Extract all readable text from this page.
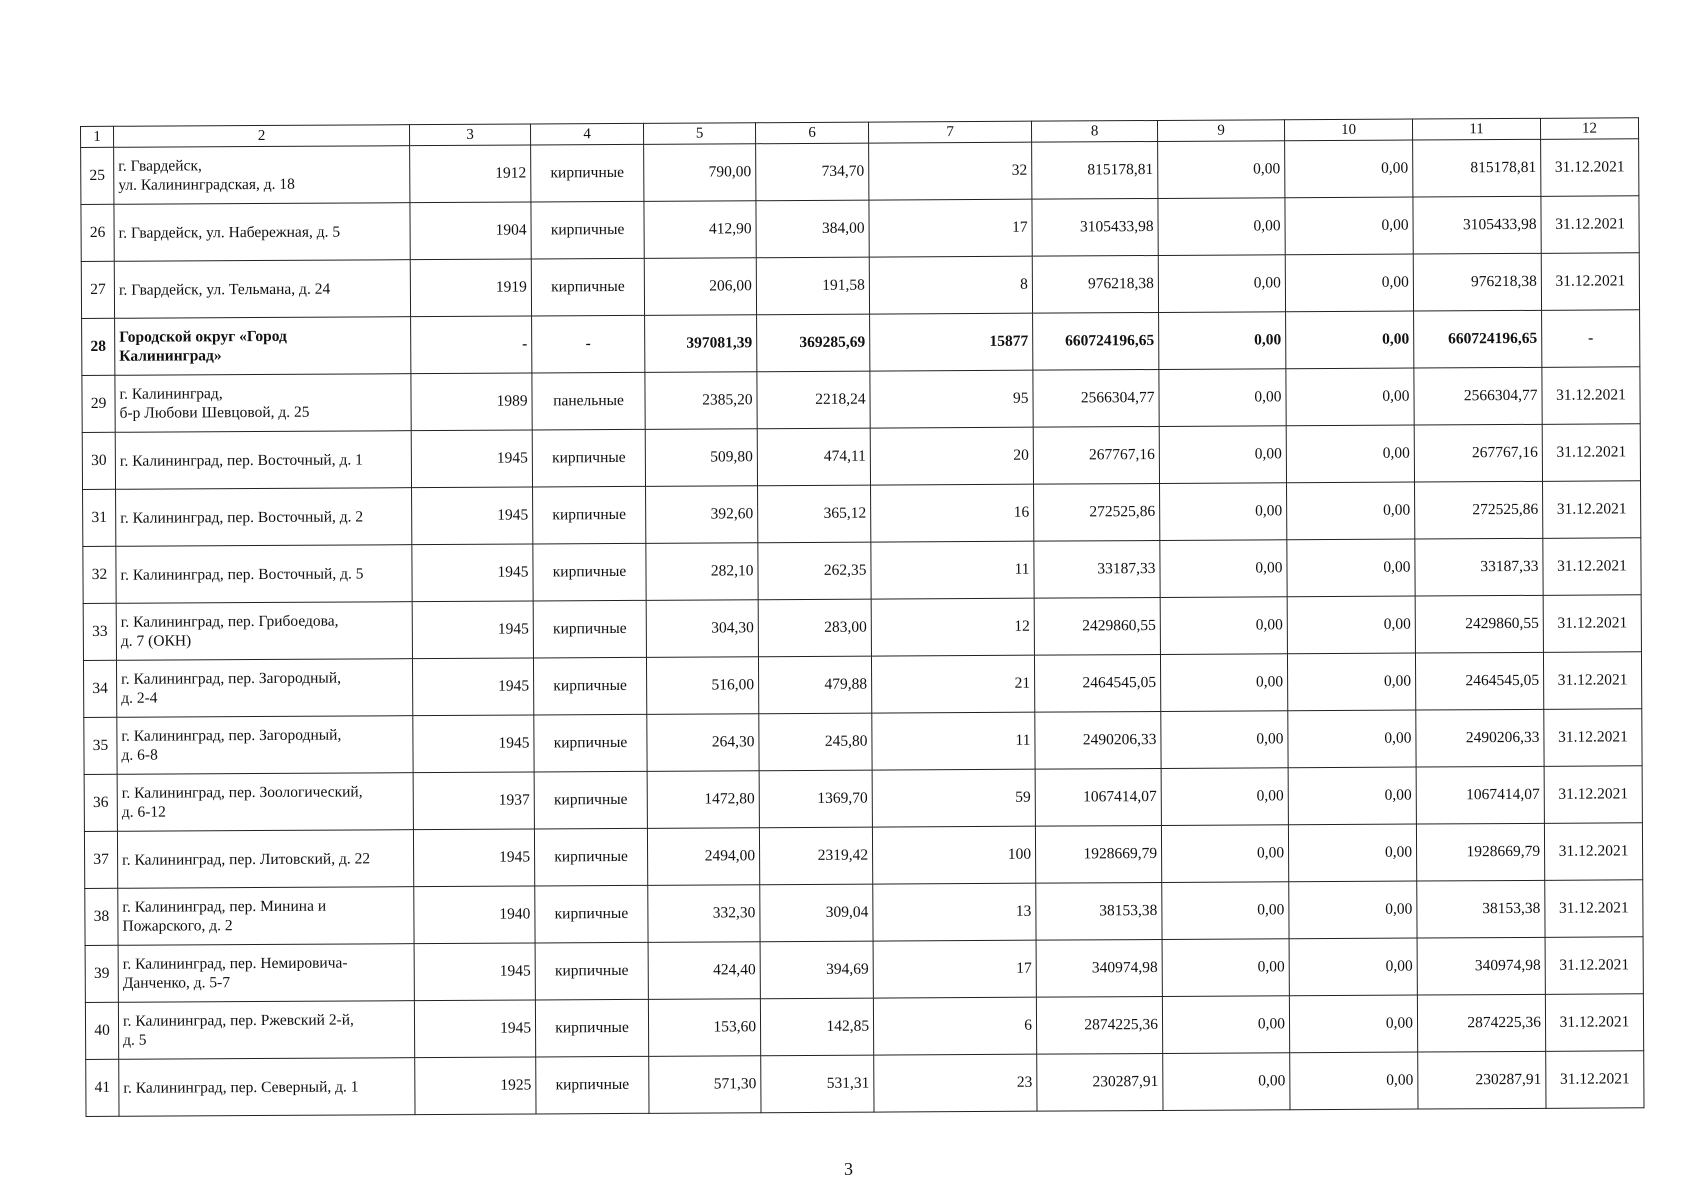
1	2	3	4	5	6	7	8	9	10	11	12
25	г. Гвардейск,
ул. Калининградская, д. 18	1912	кирпичные	790,00	734,70	32	815178,81	0,00	0,00	815178,81	31.12.2021
26	г. Гвардейск, ул. Набережная, д. 5	1904	кирпичные	412,90	384,00	17	3105433,98	0,00	0,00	3105433,98	31.12.2021
27	г. Гвардейск, ул. Тельмана, д. 24	1919	кирпичные	206,00	191,58	8	976218,38	0,00	0,00	976218,38	31.12.2021
28	Городской округ «Город
Калининград»	-	-	397081,39	369285,69	15877	660724196,65	0,00	0,00	660724196,65	-
29	г. Калининград,
б-р Любови Шевцовой, д. 25	1989	панельные	2385,20	2218,24	95	2566304,77	0,00	0,00	2566304,77	31.12.2021
30	г. Калининград, пер. Восточный, д. 1	1945	кирпичные	509,80	474,11	20	267767,16	0,00	0,00	267767,16	31.12.2021
31	г. Калининград, пер. Восточный, д. 2	1945	кирпичные	392,60	365,12	16	272525,86	0,00	0,00	272525,86	31.12.2021
32	г. Калининград, пер. Восточный, д. 5	1945	кирпичные	282,10	262,35	11	33187,33	0,00	0,00	33187,33	31.12.2021
33	г. Калининград, пер. Грибоедова,
д. 7 (ОКН)	1945	кирпичные	304,30	283,00	12	2429860,55	0,00	0,00	2429860,55	31.12.2021
34	г. Калининград, пер. Загородный,
д. 2-4	1945	кирпичные	516,00	479,88	21	2464545,05	0,00	0,00	2464545,05	31.12.2021
35	г. Калининград, пер. Загородный,
д. 6-8	1945	кирпичные	264,30	245,80	11	2490206,33	0,00	0,00	2490206,33	31.12.2021
36	г. Калининград, пер. Зоологический,
д. 6-12	1937	кирпичные	1472,80	1369,70	59	1067414,07	0,00	0,00	1067414,07	31.12.2021
37	г. Калининград, пер. Литовский, д. 22	1945	кирпичные	2494,00	2319,42	100	1928669,79	0,00	0,00	1928669,79	31.12.2021
38	г. Калининград, пер. Минина и
Пожарского, д. 2	1940	кирпичные	332,30	309,04	13	38153,38	0,00	0,00	38153,38	31.12.2021
39	г. Калининград, пер. Немировича-
Данченко, д. 5-7	1945	кирпичные	424,40	394,69	17	340974,98	0,00	0,00	340974,98	31.12.2021
40	г. Калининград, пер. Ржевский 2-й,
д. 5	1945	кирпичные	153,60	142,85	6	2874225,36	0,00	0,00	2874225,36	31.12.2021
41	г. Калининград, пер. Северный, д. 1	1925	кирпичные	571,30	531,31	23	230287,91	0,00	0,00	230287,91	31.12.2021
3
